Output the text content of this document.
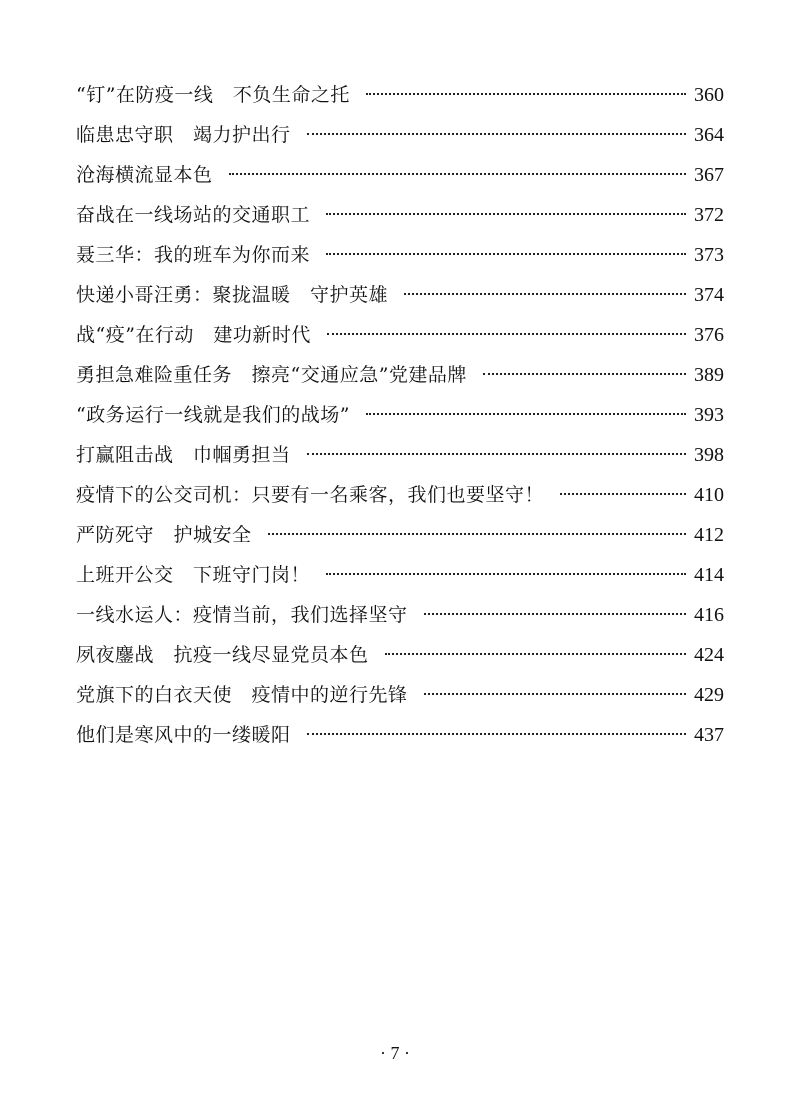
“钉”在防疫一线　不负生命之托	360
临患忠守职　竭力护出行	364
沧海横流显本色	367
奋战在一线场站的交通职工	372
聂三华：我的班车为你而来	373
快递小哥汪勇：聚拢温暖　守护英雄	374
战“疫”在行动　建功新时代	376
勇担急难险重任务　擦亮“交通应急”党建品牌	389
“政务运行一线就是我们的战场”	393
打赢阻击战　巾帼勇担当	398
疫情下的公交司机：只要有一名乘客，我们也要坚守！	410
严防死守　护城安全	412
上班开公交　下班守门岗！	414
一线水运人：疫情当前，我们选择坚守	416
夙夜鏖战　抗疫一线尽显党员本色	424
党旗下的白衣天使　疫情中的逆行先锋	429
他们是寒风中的一缕暖阳	437
· 7 ·
